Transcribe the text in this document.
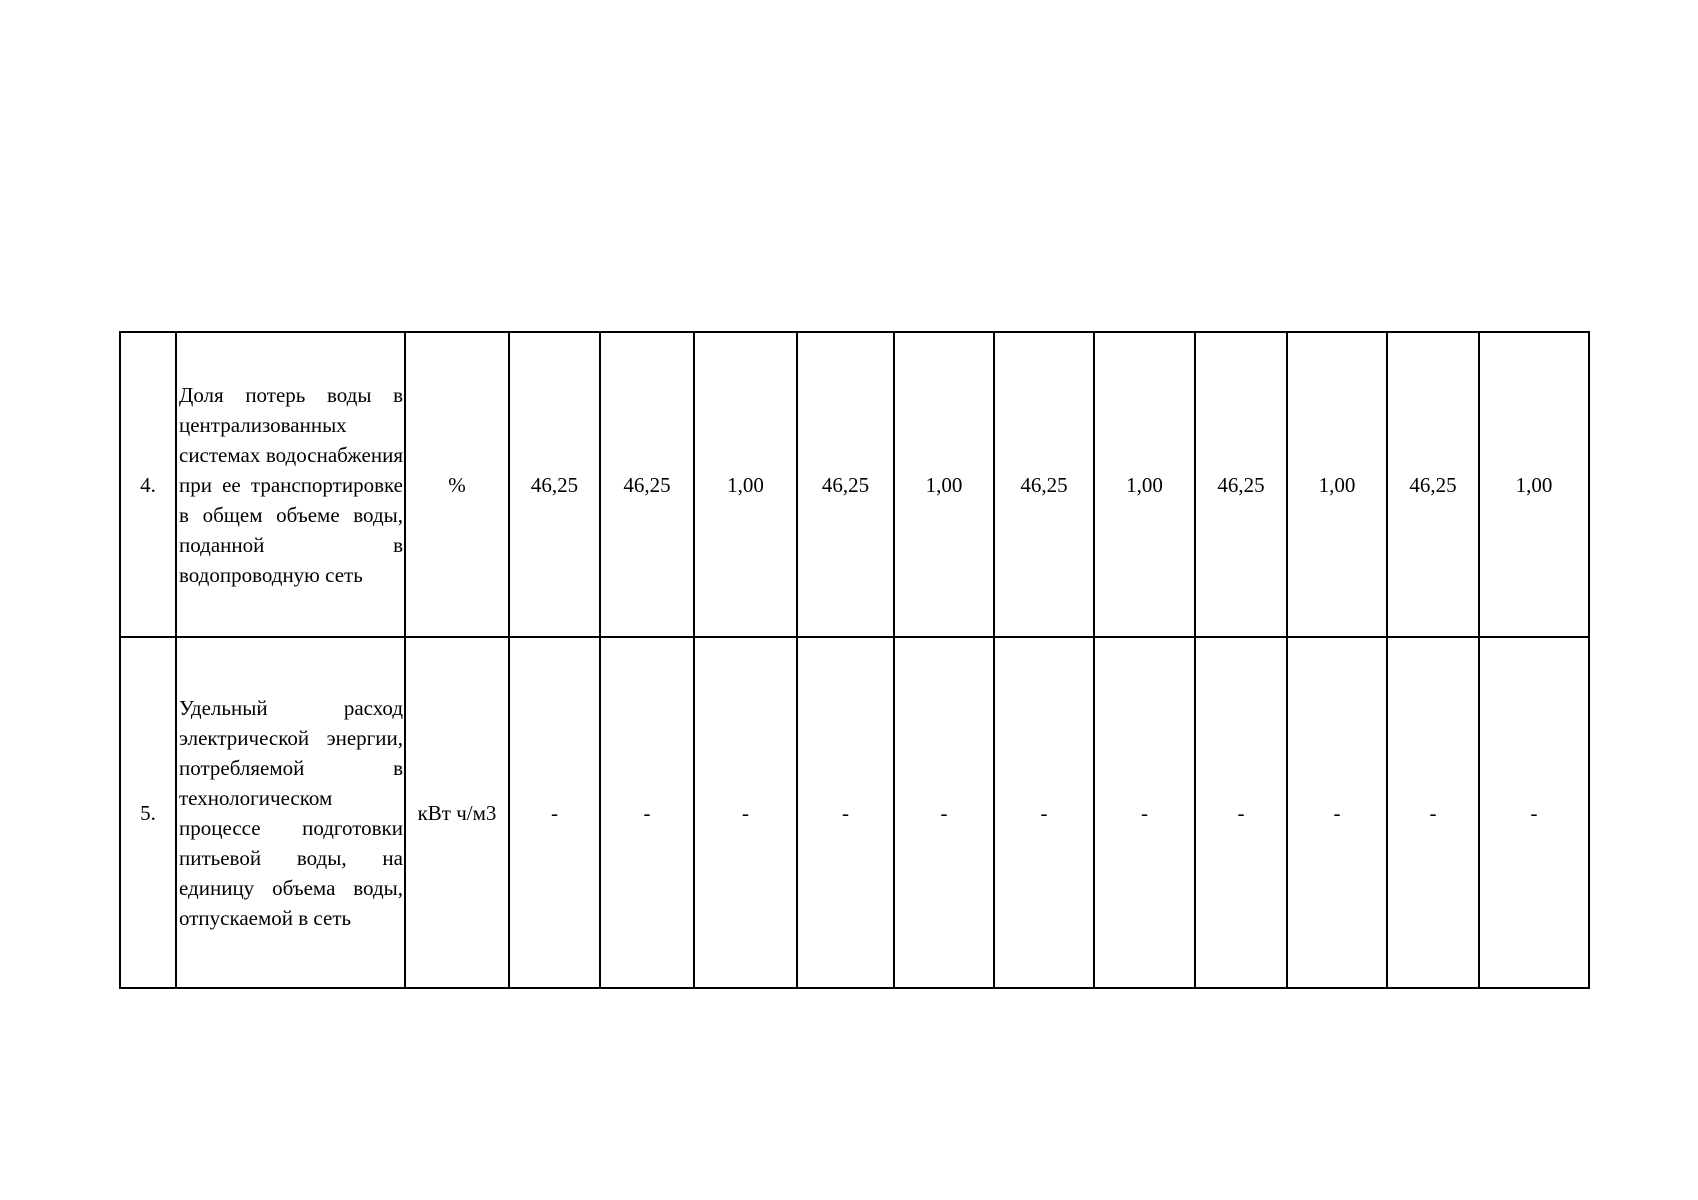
4.	Доля потерь воды в централизованных системах водоснабжения при ее транспортировке в общем объеме воды, поданной в водопроводную сеть	%	46,25	46,25	1,00	46,25	1,00	46,25	1,00	46,25	1,00	46,25	1,00
5.	Удельный расход электрической энергии, потребляемой в технологическом процессе подготовки питьевой воды, на единицу объема воды, отпускаемой в сеть	кВт ч/м3	-	-	-	-	-	-	-	-	-	-	-
